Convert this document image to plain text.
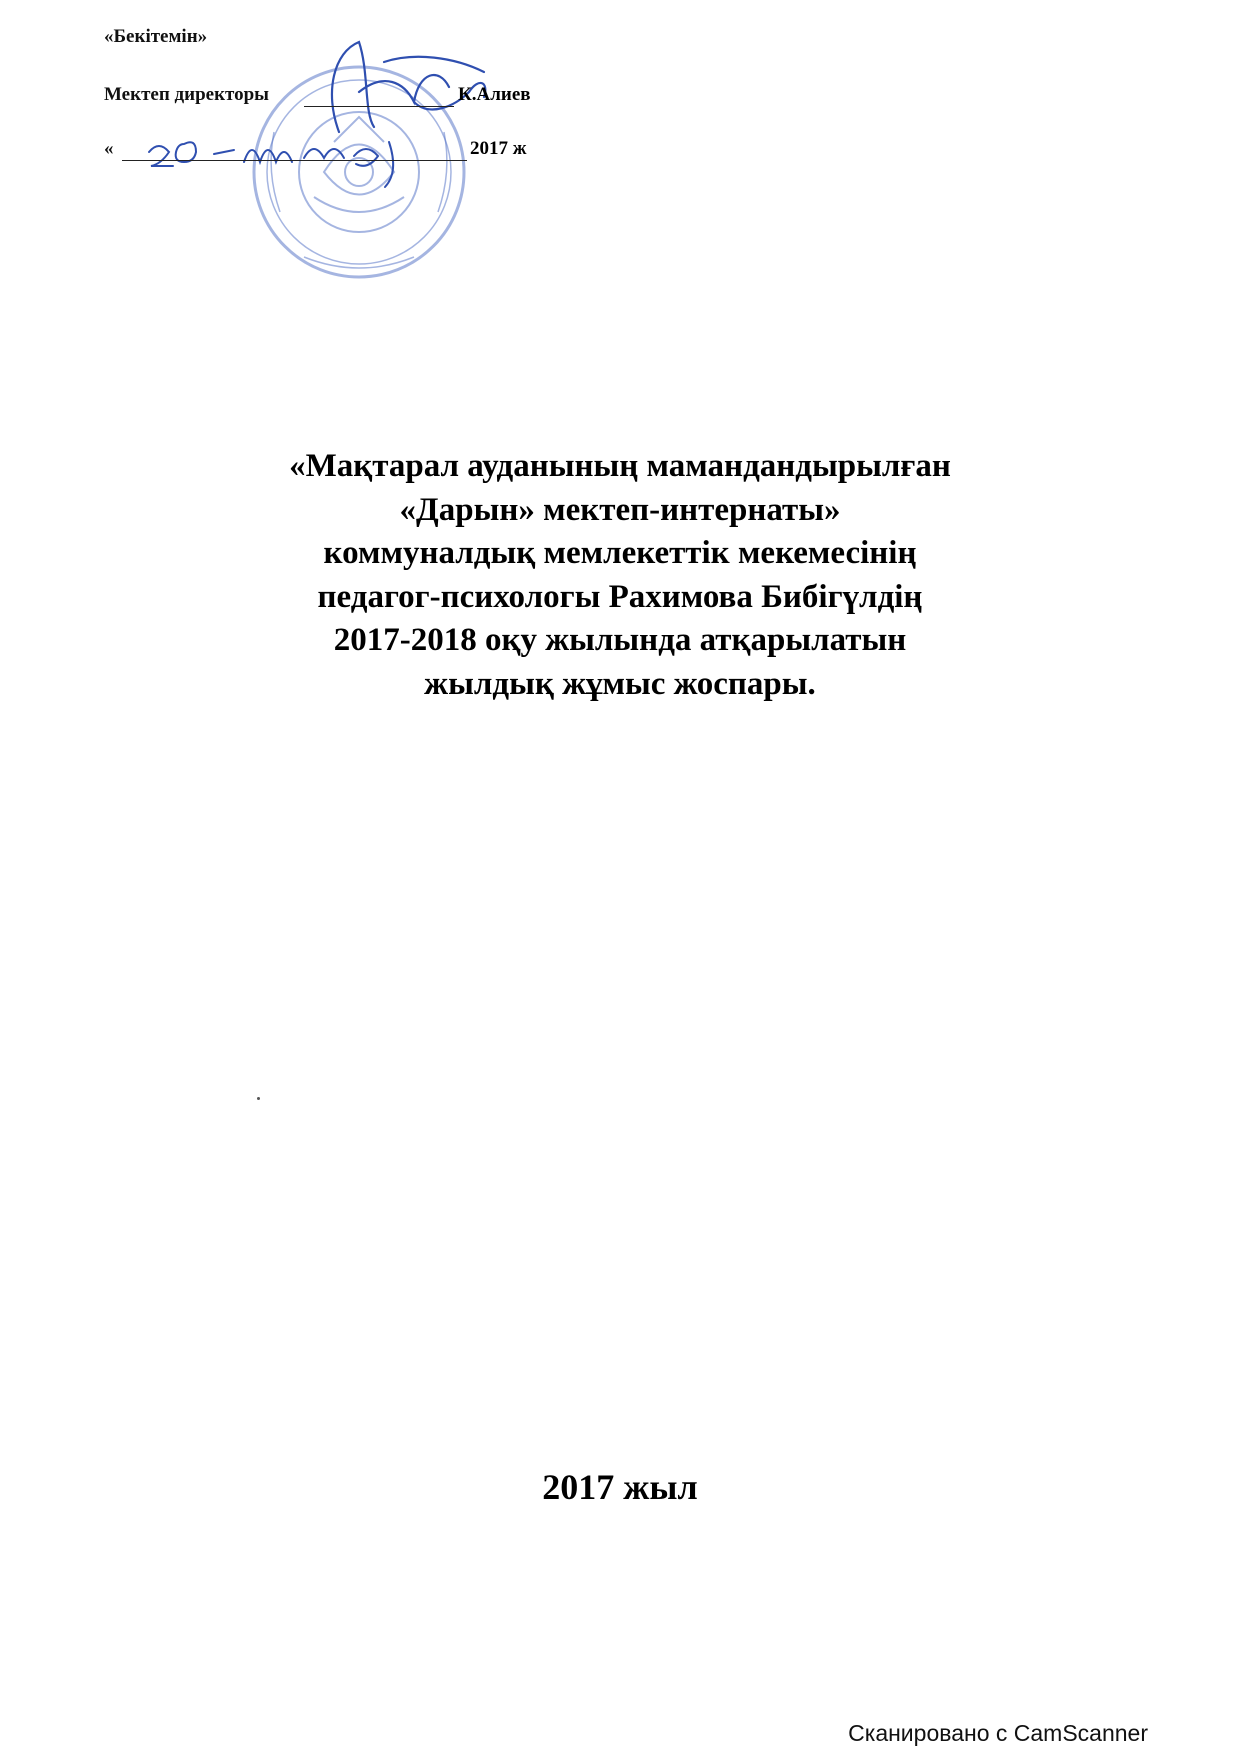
«Бекітемін»
Мектеп директоры	К.Алиев
«	2017 ж
«Мақтарал ауданының мамандандырылған
«Дарын» мектеп-интернаты»
коммуналдық мемлекеттік мекемесінің
педагог-психологы Рахимова Бибігүлдің
2017-2018 оқу жылында атқарылатын
жылдық жұмыс жоспары.
2017 жыл
Сканировано с CamScanner
